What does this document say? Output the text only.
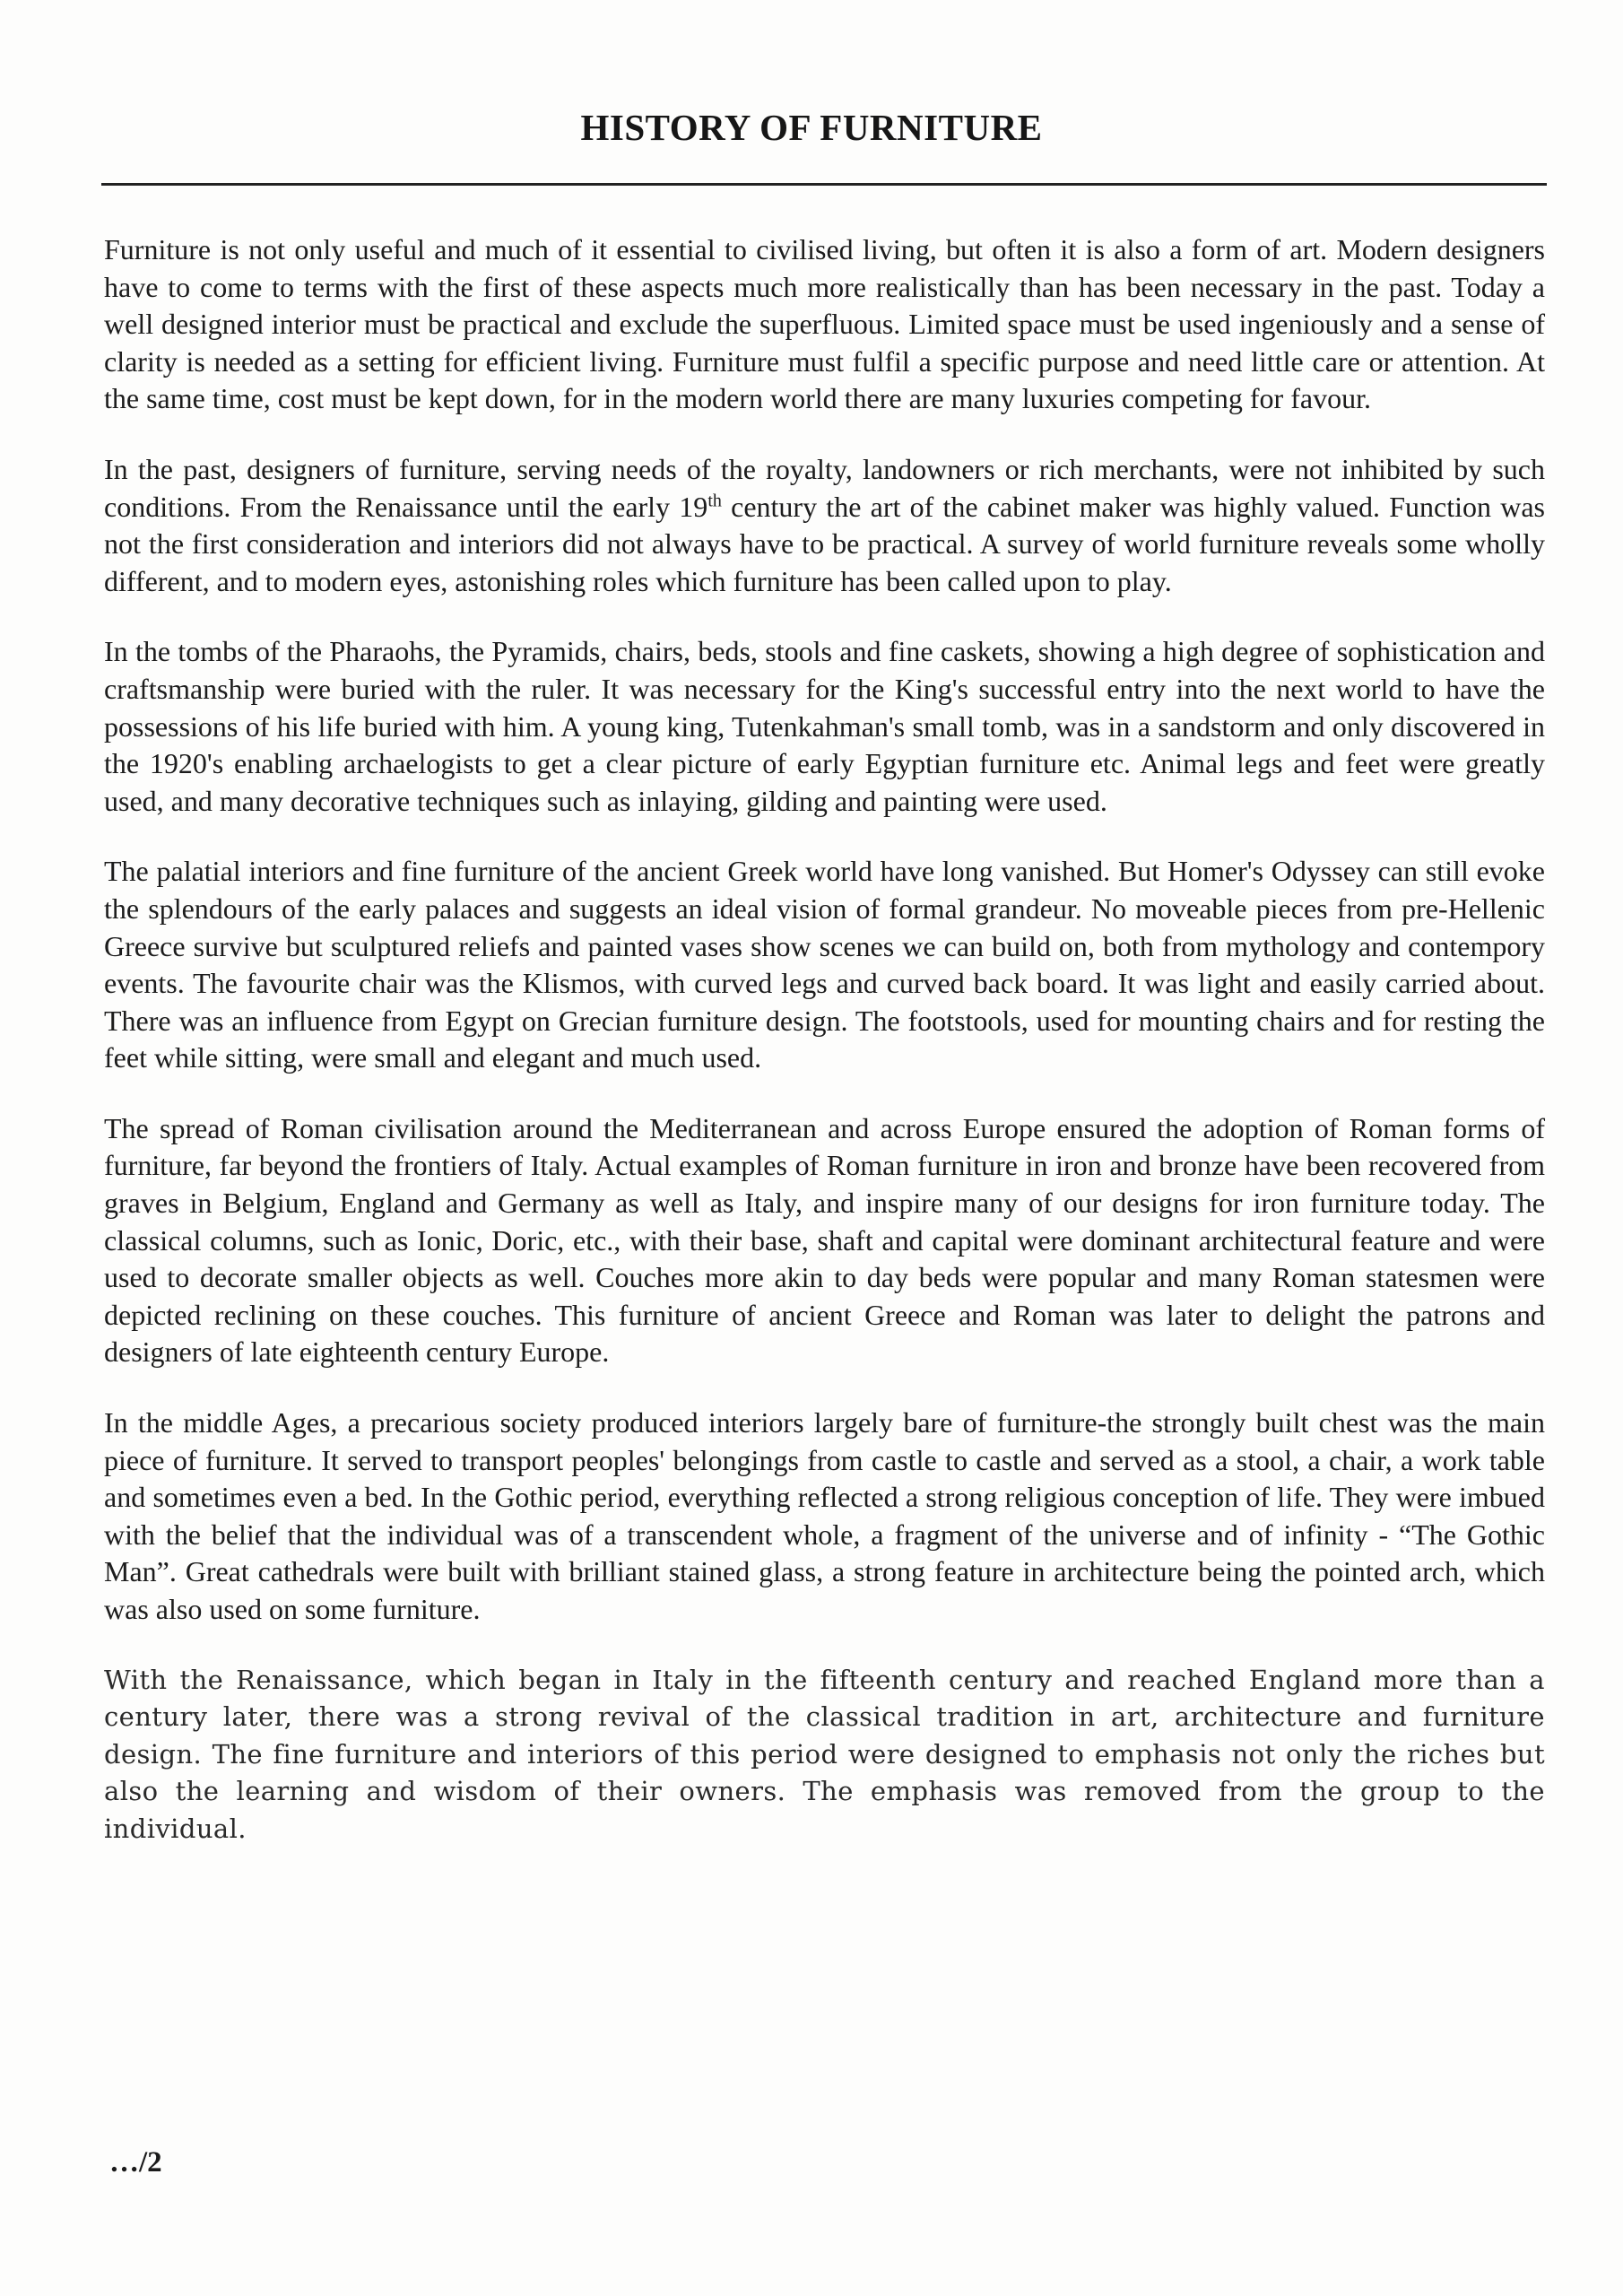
HISTORY OF FURNITURE

Furniture is not only useful and much of it essential to civilised living, but often it is also a form of art. Modern designers have to come to terms with the first of these aspects much more realistically than has been necessary in the past. Today a well designed interior must be practical and exclude the superfluous. Limited space must be used ingeniously and a sense of clarity is needed as a setting for efficient living. Furniture must fulfil a specific purpose and need little care or attention. At the same time, cost must be kept down, for in the modern world there are many luxuries competing for favour.

In the past, designers of furniture, serving needs of the royalty, landowners or rich merchants, were not inhibited by such conditions. From the Renaissance until the early 19th century the art of the cabinet maker was highly valued. Function was not the first consideration and interiors did not always have to be practical. A survey of world furniture reveals some wholly different, and to modern eyes, astonishing roles which furniture has been called upon to play.

In the tombs of the Pharaohs, the Pyramids, chairs, beds, stools and fine caskets, showing a high degree of sophistication and craftsmanship were buried with the ruler. It was necessary for the King's successful entry into the next world to have the possessions of his life buried with him. A young king, Tutenkahman's small tomb, was in a sandstorm and only discovered in the 1920's enabling archaelogists to get a clear picture of early Egyptian furniture etc. Animal legs and feet were greatly used, and many decorative techniques such as inlaying, gilding and painting were used.

The palatial interiors and fine furniture of the ancient Greek world have long vanished. But Homer's Odyssey can still evoke the splendours of the early palaces and suggests an ideal vision of formal grandeur. No moveable pieces from pre-Hellenic Greece survive but sculptured reliefs and painted vases show scenes we can build on, both from mythology and contempory events. The favourite chair was the Klismos, with curved legs and curved back board. It was light and easily carried about. There was an influence from Egypt on Grecian furniture design. The footstools, used for mounting chairs and for resting the feet while sitting, were small and elegant and much used.

The spread of Roman civilisation around the Mediterranean and across Europe ensured the adoption of Roman forms of furniture, far beyond the frontiers of Italy. Actual examples of Roman furniture in iron and bronze have been recovered from graves in Belgium, England and Germany as well as Italy, and inspire many of our designs for iron furniture today. The classical columns, such as Ionic, Doric, etc., with their base, shaft and capital were dominant architectural feature and were used to decorate smaller objects as well. Couches more akin to day beds were popular and many Roman statesmen were depicted reclining on these couches. This furniture of ancient Greece and Roman was later to delight the patrons and designers of late eighteenth century Europe.

In the middle Ages, a precarious society produced interiors largely bare of furniture-the strongly built chest was the main piece of furniture. It served to transport peoples' belongings from castle to castle and served as a stool, a chair, a work table and sometimes even a bed. In the Gothic period, everything reflected a strong religious conception of life. They were imbued with the belief that the individual was of a transcendent whole, a fragment of the universe and of infinity - “The Gothic Man”. Great cathedrals were built with brilliant stained glass, a strong feature in architecture being the pointed arch, which was also used on some furniture.

With the Renaissance, which began in Italy in the fifteenth century and reached England more than a century later, there was a strong revival of the classical tradition in art, architecture and furniture design. The fine furniture and interiors of this period were designed to emphasis not only the riches but also the learning and wisdom of their owners. The emphasis was removed from the group to the individual.

…/2
